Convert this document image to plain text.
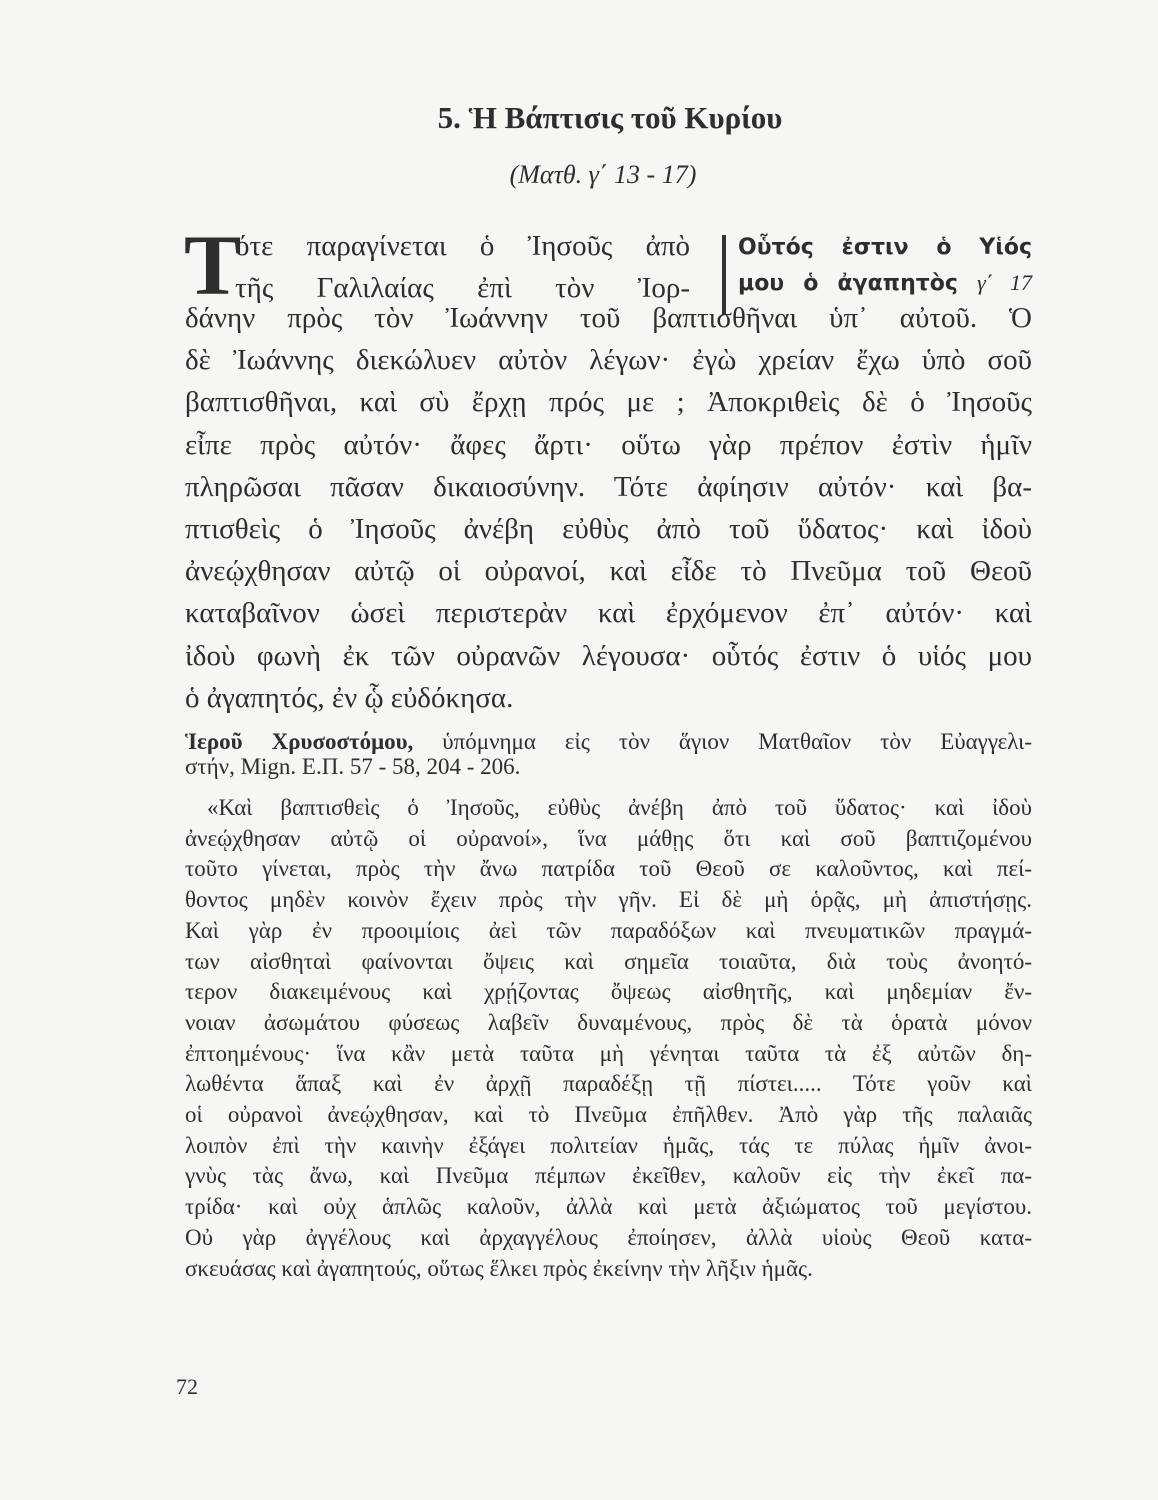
5. Ἡ Βάπτισις τοῦ Κυρίου
(Ματθ. γ΄ 13 - 17)
Τ
ότε παραγίνεται ὁ Ἰησοῦς ἀπὸ
τῆς Γαλιλαίας ἐπὶ τὸν Ἰορ-
Οὗτός ἐστιν ὁ Υἱός
μου ὁ ἀγαπητὸς γ΄ 17
δάνην πρὸς τὸν Ἰωάννην τοῦ βαπτισθῆναι ὑπ᾿ αὐτοῦ. Ὁ
δὲ Ἰωάννης διεκώλυεν αὐτὸν λέγων· ἐγὼ χρείαν ἔχω ὑπὸ σοῦ
βαπτισθῆναι, καὶ σὺ ἔρχῃ πρός με ; Ἀποκριθεὶς δὲ ὁ Ἰησοῦς
εἶπε πρὸς αὐτόν· ἄφες ἄρτι· οὕτω γὰρ πρέπον ἐστὶν ἡμῖν
πληρῶσαι πᾶσαν δικαιοσύνην. Τότε ἀφίησιν αὐτόν· καὶ βα-
πτισθεὶς ὁ Ἰησοῦς ἀνέβη εὐθὺς ἀπὸ τοῦ ὕδατος· καὶ ἰδοὺ
ἀνεῴχθησαν αὐτῷ οἱ οὐρανοί, καὶ εἶδε τὸ Πνεῦμα τοῦ Θεοῦ
καταβαῖνον ὡσεὶ περιστερὰν καὶ ἐρχόμενον ἐπ᾿ αὐτόν· καὶ
ἰδοὺ φωνὴ ἐκ τῶν οὐρανῶν λέγουσα· οὗτός ἐστιν ὁ υἱός μου
ὁ ἀγαπητός, ἐν ᾧ εὐδόκησα.
Ἱεροῦ Χρυσοστόμου, ὑπόμνημα εἰς τὸν ἅγιον Ματθαῖον τὸν Εὐαγγελι-
στήν, Mign. Ε.Π. 57 - 58, 204 - 206.
«Καὶ βαπτισθεὶς ὁ Ἰησοῦς, εὐθὺς ἀνέβη ἀπὸ τοῦ ὕδατος· καὶ ἰδοὺ
ἀνεῴχθησαν αὐτῷ οἱ οὐρανοί», ἵνα μάθῃς ὅτι καὶ σοῦ βαπτιζομένου
τοῦτο γίνεται, πρὸς τὴν ἄνω πατρίδα τοῦ Θεοῦ σε καλοῦντος, καὶ πεί-
θοντος μηδὲν κοινὸν ἔχειν πρὸς τὴν γῆν. Εἰ δὲ μὴ ὁρᾷς, μὴ ἀπιστήσῃς.
Καὶ γὰρ ἐν προοιμίοις ἀεὶ τῶν παραδόξων καὶ πνευματικῶν πραγμά-
των αἰσθηταὶ φαίνονται ὄψεις καὶ σημεῖα τοιαῦτα, διὰ τοὺς ἀνοητό-
τερον διακειμένους καὶ χρῄζοντας ὄψεως αἰσθητῆς, καὶ μηδεμίαν ἔν-
νοιαν ἀσωμάτου φύσεως λαβεῖν δυναμένους, πρὸς δὲ τὰ ὁρατὰ μόνον
ἐπτοημένους· ἵνα κἂν μετὰ ταῦτα μὴ γένηται ταῦτα τὰ ἐξ αὐτῶν δη-
λωθέντα ἅπαξ καὶ ἐν ἀρχῇ παραδέξῃ τῇ πίστει..... Τότε γοῦν καὶ
οἱ οὐρανοὶ ἀνεῴχθησαν, καὶ τὸ Πνεῦμα ἐπῆλθεν. Ἀπὸ γὰρ τῆς παλαιᾶς
λοιπὸν ἐπὶ τὴν καινὴν ἐξάγει πολιτείαν ἡμᾶς, τάς τε πύλας ἡμῖν ἀνοι-
γνὺς τὰς ἄνω, καὶ Πνεῦμα πέμπων ἐκεῖθεν, καλοῦν εἰς τὴν ἐκεῖ πα-
τρίδα· καὶ οὐχ ἁπλῶς καλοῦν, ἀλλὰ καὶ μετὰ ἀξιώματος τοῦ μεγίστου.
Οὐ γὰρ ἀγγέλους καὶ ἀρχαγγέλους ἐποίησεν, ἀλλὰ υἱοὺς Θεοῦ κατα-
σκευάσας καὶ ἀγαπητούς, οὕτως ἕλκει πρὸς ἐκείνην τὴν λῆξιν ἡμᾶς.
72
